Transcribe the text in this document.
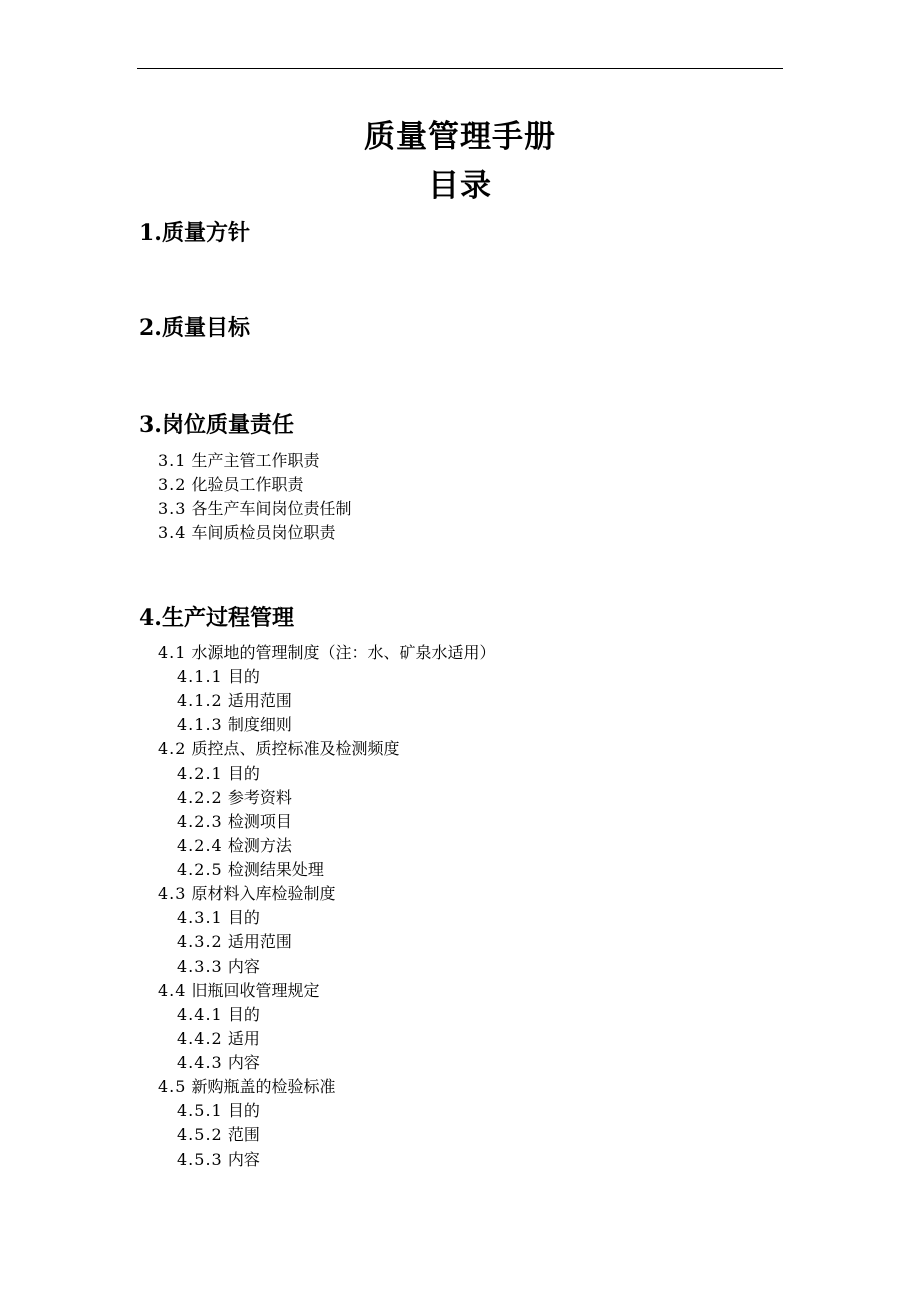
质量管理手册
目录
1.质量方针
2.质量目标
3.岗位质量责任
3.1 生产主管工作职责
3.2 化验员工作职责
3.3 各生产车间岗位责任制
3.4 车间质检员岗位职责
4.生产过程管理
4.1 水源地的管理制度（注：水、矿泉水适用）
4.1.1 目的
4.1.2 适用范围
4.1.3 制度细则
4.2 质控点、质控标准及检测频度
4.2.1 目的
4.2.2 参考资料
4.2.3 检测项目
4.2.4 检测方法
4.2.5 检测结果处理
4.3 原材料入库检验制度
4.3.1 目的
4.3.2 适用范围
4.3.3 内容
4.4 旧瓶回收管理规定
4.4.1 目的
4.4.2 适用
4.4.3 内容
4.5 新购瓶盖的检验标准
4.5.1 目的
4.5.2 范围
4.5.3 内容
